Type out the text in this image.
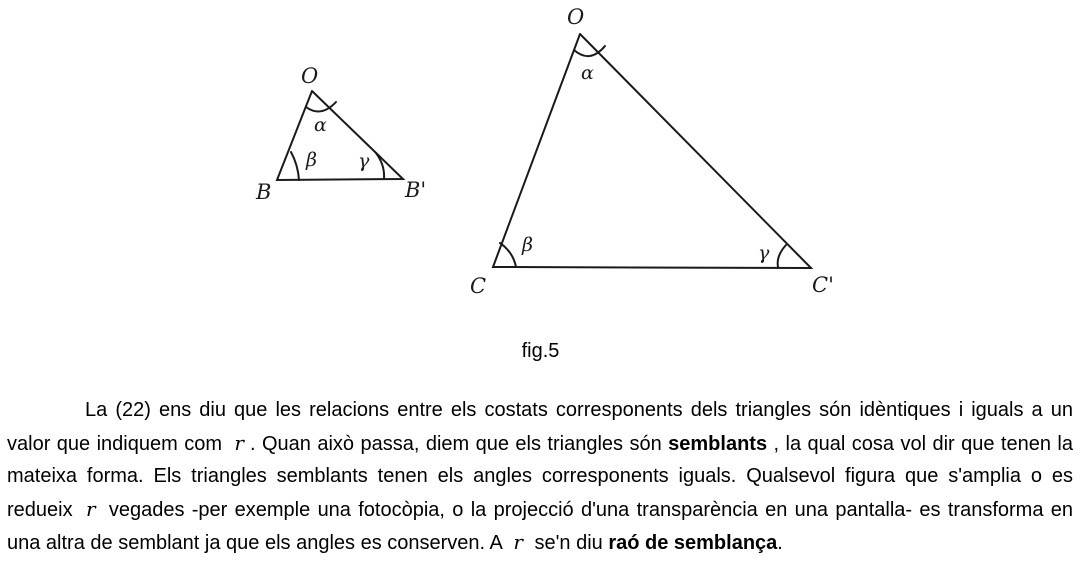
O
B	B'
α
β γ
O
C	C'
α
β	γ
fig.5

La (22) ens diu que les relacions entre els costats corresponents dels triangles són idèntiques i iguals a un valor que indiquem com r . Quan això passa, diem que els triangles són semblants , la qual cosa vol dir que tenen la mateixa forma. Els triangles semblants tenen els angles corresponents iguals. Qualsevol figura que s'amplia o es redueix r vegades -per exemple una fotocòpia, o la projecció d'una transparència en una pantalla- es transforma en una altra de semblant ja que els angles es conserven. A r se'n diu raó de semblança.
